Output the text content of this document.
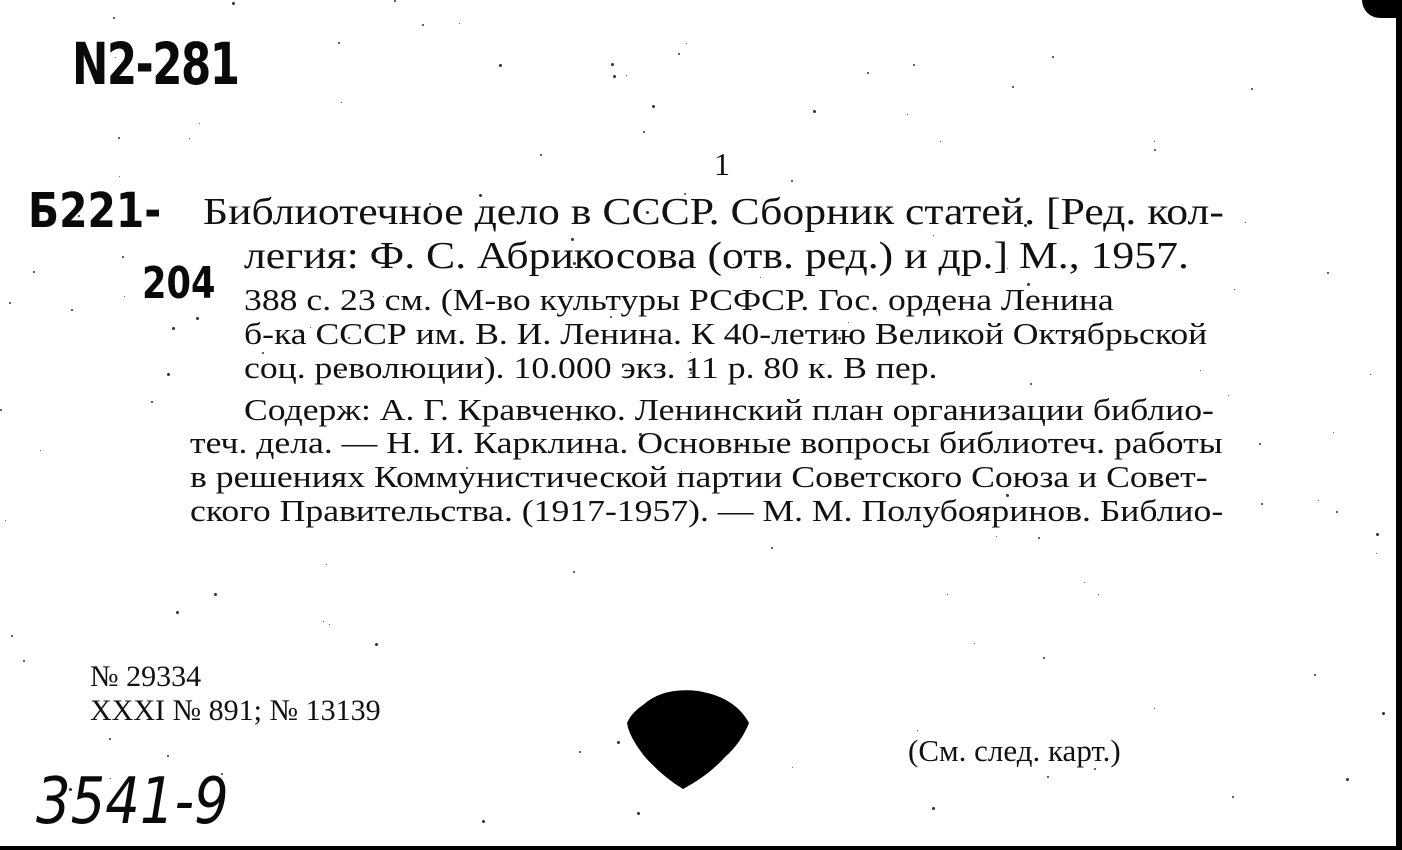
N2-281
Б221-
204
1
Библиотечное дело в СССР. Сборник статей. [Ред. кол-
легия: Ф. С. Абрикосова (отв. ред.) и др.] М., 1957.
388 с. 23 см. (М-во культуры РСФСР. Гос. ордена Ленина
б-ка СССР им. В. И. Ленина. К 40-летию Великой Октябрьской
соц. революции). 10.000 экз. 11 р. 80 к. В пер.
Содерж: А. Г. Кравченко. Ленинский план организации библио-
теч. дела. — Н. И. Карклина. Основные вопросы библиотеч. работы
в решениях Коммунистической партии Советского Союза и Совет-
ского Правительства. (1917-1957). — М. М. Полубояринов. Библио-
№ 29334
XXXI № 891; № 13139
(См. след. карт.)
3541-9
